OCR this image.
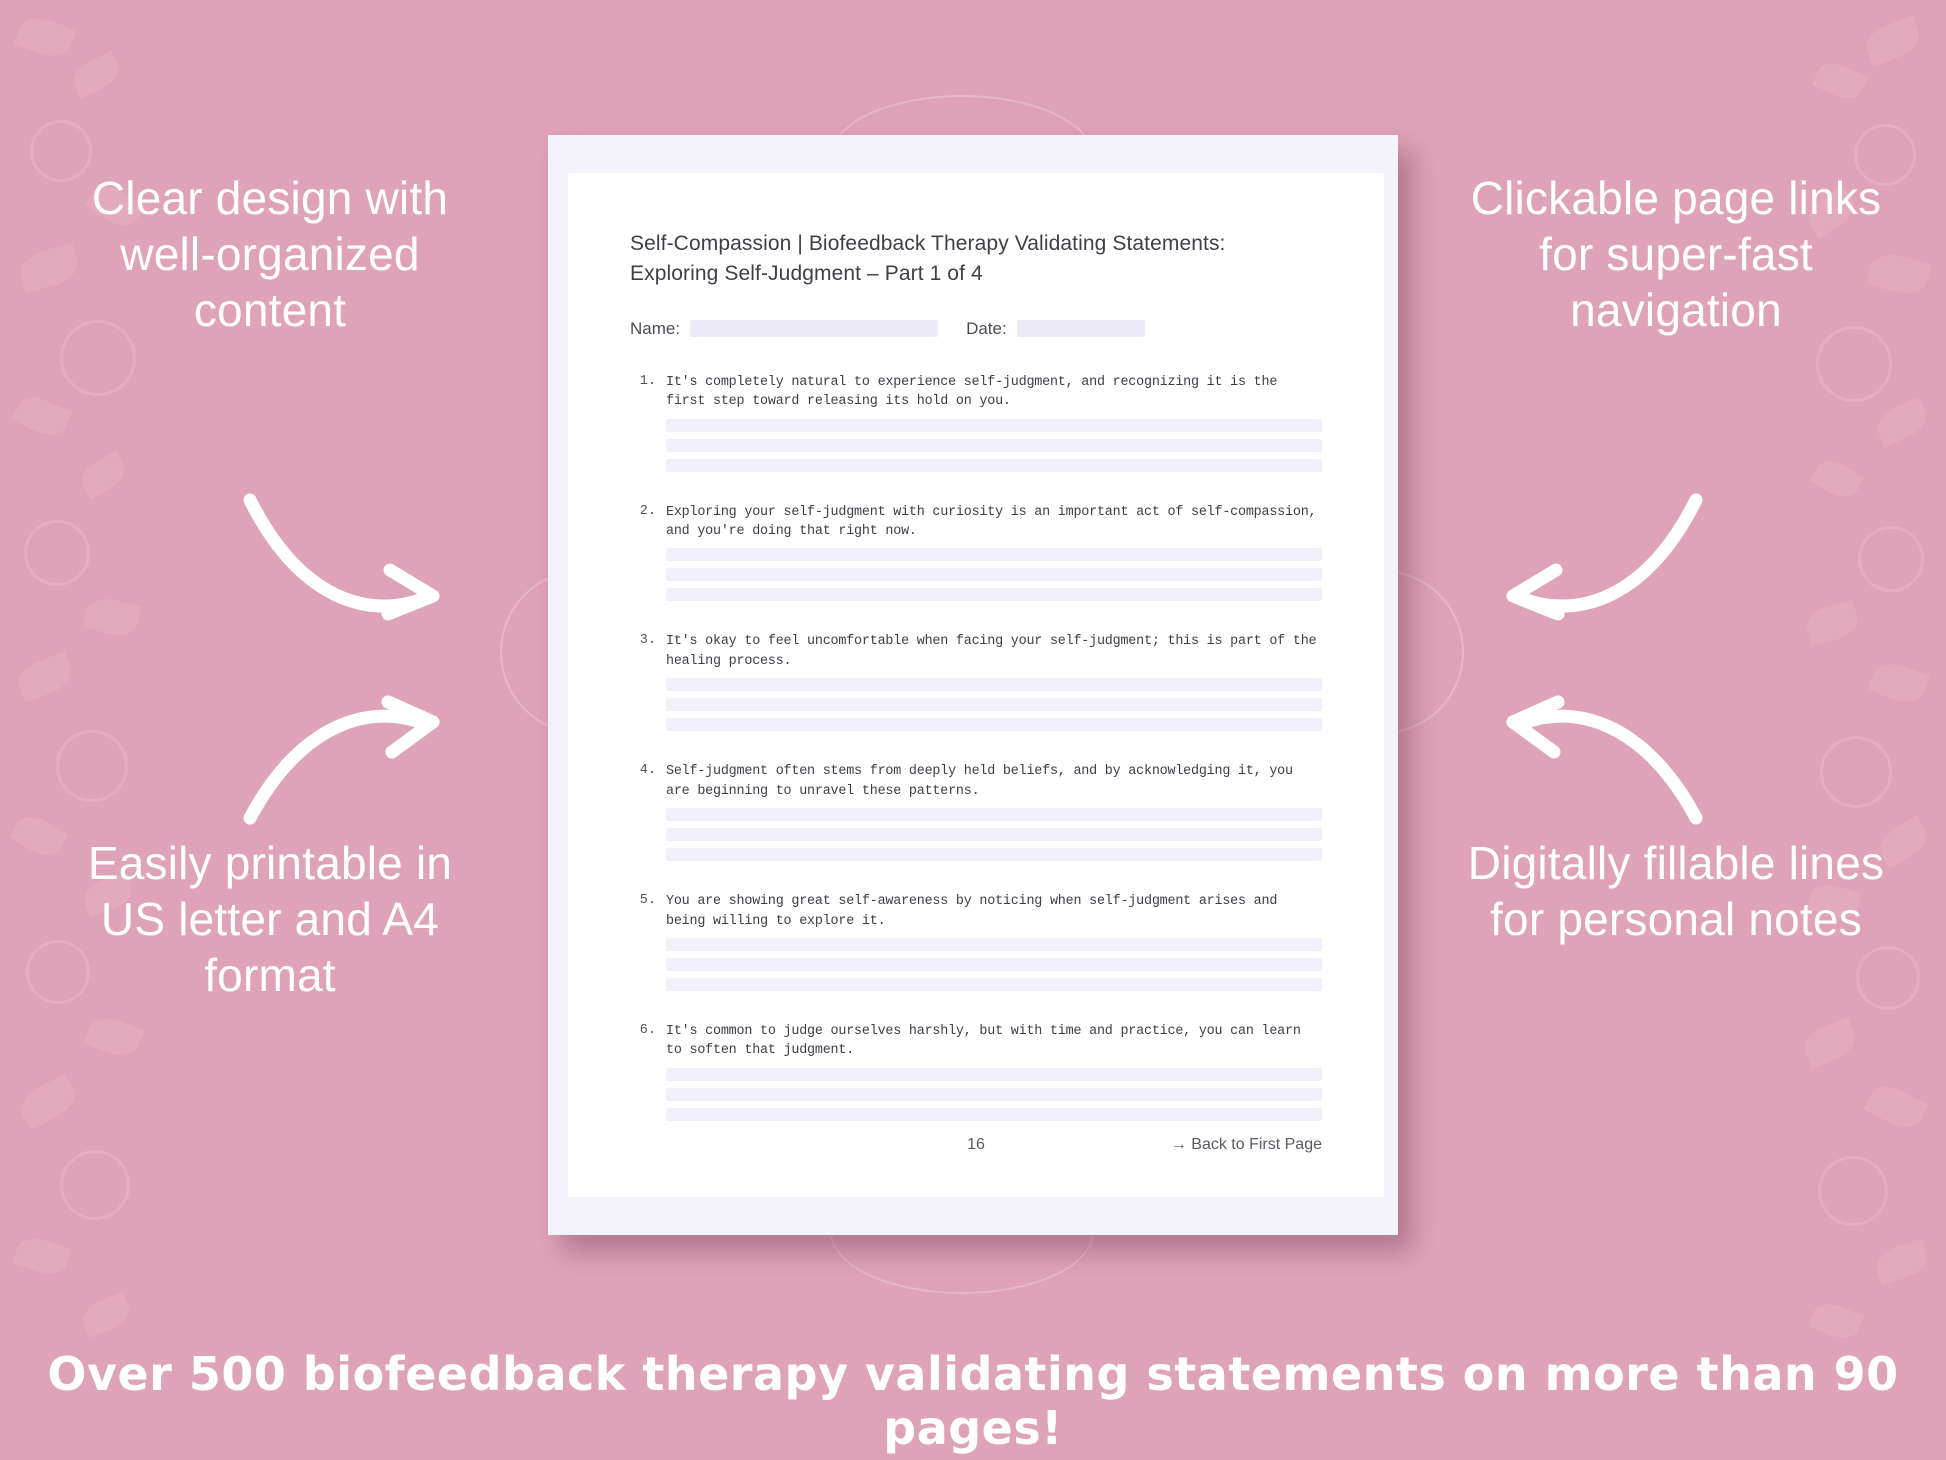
Clear design with well-organized content
Easily printable in US letter and A4 format
Clickable page links for super-fast navigation
Digitally fillable lines for personal notes
Self-Compassion | Biofeedback Therapy Validating Statements:
Exploring Self-Judgment – Part 1 of 4
Name:	Date:
1. It's completely natural to experience self-judgment, and recognizing it is the first step toward releasing its hold on you.
2. Exploring your self-judgment with curiosity is an important act of self-compassion, and you're doing that right now.
3. It's okay to feel uncomfortable when facing your self-judgment; this is part of the healing process.
4. Self-judgment often stems from deeply held beliefs, and by acknowledging it, you are beginning to unravel these patterns.
5. You are showing great self-awareness by noticing when self-judgment arises and being willing to explore it.
6. It's common to judge ourselves harshly, but with time and practice, you can learn to soften that judgment.
16	→ Back to First Page
Over 500 biofeedback therapy validating statements on more than 90 pages!
